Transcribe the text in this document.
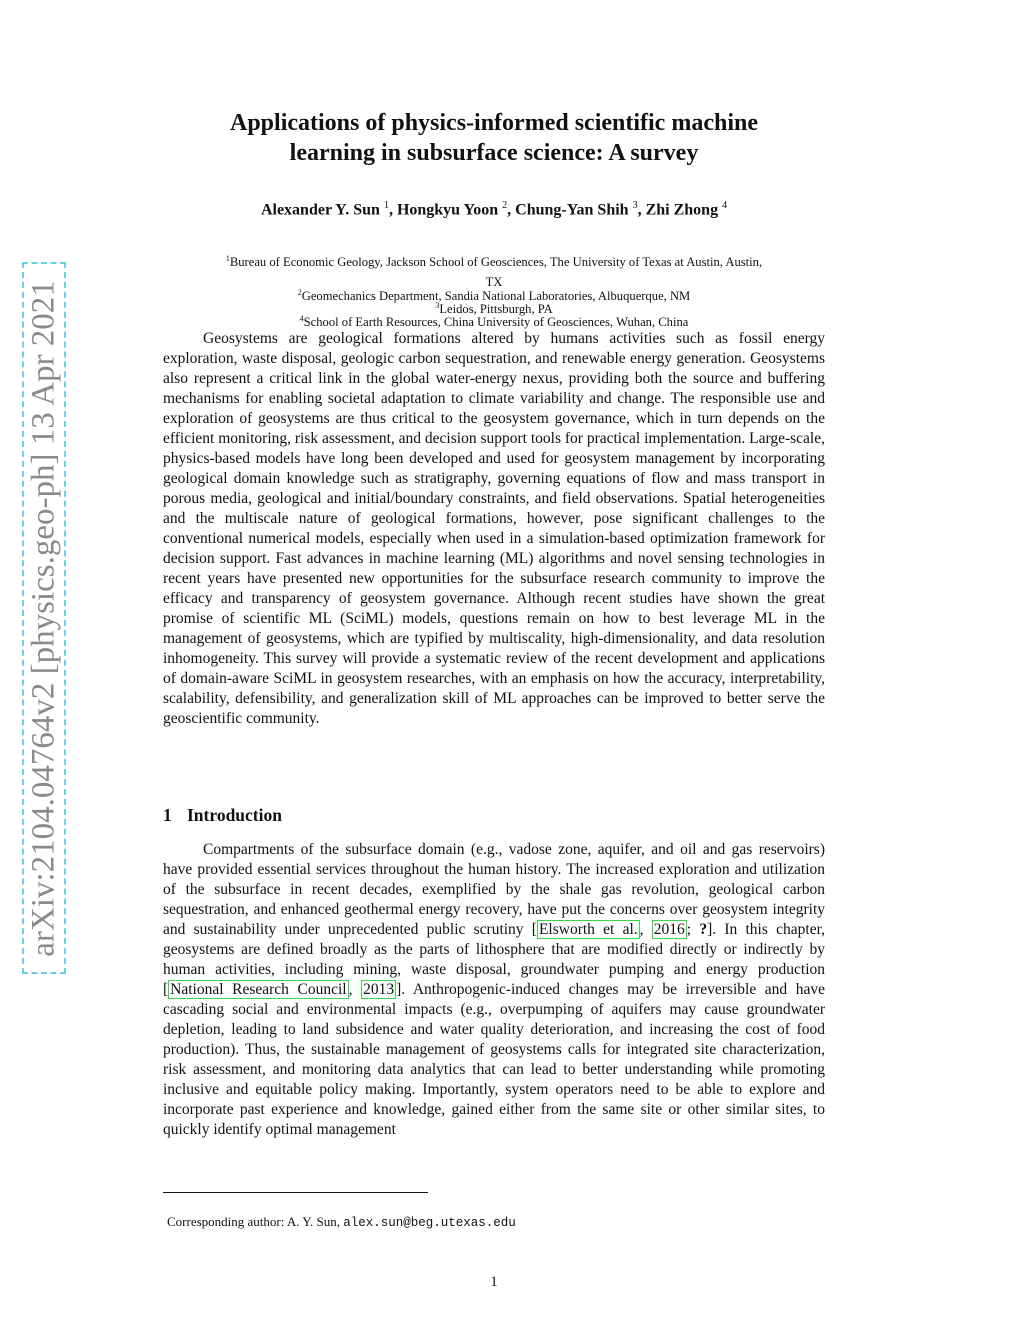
arXiv:2104.04764v2 [physics.geo-ph] 13 Apr 2021
Applications of physics-informed scientific machine
learning in subsurface science: A survey
Alexander Y. Sun $^1$, Hongkyu Yoon $^2$, Chung-Yan Shih $^3$, Zhi Zhong $^4$
$^1$Bureau of Economic Geology, Jackson School of Geosciences, The University of Texas at Austin, Austin,
TX
$^2$Geomechanics Department, Sandia National Laboratories, Albuquerque, NM
$^3$Leidos, Pittsburgh, PA
$^4$School of Earth Resources, China University of Geosciences, Wuhan, China
Geosystems are geological formations altered by humans activities such as fossil energy exploration, waste disposal, geologic carbon sequestration, and renewable energy generation. Geosystems also represent a critical link in the global water-energy nexus, providing both the source and buffering mechanisms for enabling societal adaptation to climate variability and change. The responsible use and exploration of geosystems are thus critical to the geosystem governance, which in turn depends on the efficient monitoring, risk assessment, and decision support tools for practical implementation. Large-scale, physics-based models have long been developed and used for geosystem management by incorporating geological domain knowledge such as stratigraphy, governing equations of flow and mass transport in porous media, geological and initial/boundary constraints, and field observations. Spatial heterogeneities and the multiscale nature of geological formations, however, pose significant challenges to the conventional numerical models, especially when used in a simulation-based optimization framework for decision support. Fast advances in machine learning (ML) algorithms and novel sensing technologies in recent years have presented new opportunities for the subsurface research community to improve the efficacy and transparency of geosystem governance. Although recent studies have shown the great promise of scientific ML (SciML) models, questions remain on how to best leverage ML in the management of geosystems, which are typified by multiscality, high-dimensionality, and data resolution inhomogeneity. This survey will provide a systematic review of the recent development and applications of domain-aware SciML in geosystem researches, with an emphasis on how the accuracy, interpretability, scalability, defensibility, and generalization skill of ML approaches can be improved to better serve the geoscientific community.
1 Introduction
Compartments of the subsurface domain (e.g., vadose zone, aquifer, and oil and gas reservoirs) have provided essential services throughout the human history. The increased exploration and utilization of the subsurface in recent decades, exemplified by the shale gas revolution, geological carbon sequestration, and enhanced geothermal energy recovery, have put the concerns over geosystem integrity and sustainability under unprecedented public scrutiny [ Elsworth et al. , 2016 ; ?]. In this chapter, geosystems are defined broadly as the parts of lithosphere that are modified directly or indirectly by human activities, including mining, waste disposal, groundwater pumping and energy production [ National Research Council , 2013 ]. Anthropogenic-induced changes may be irreversible and have cascading social and environmental impacts (e.g., overpumping of aquifers may cause groundwater depletion, leading to land subsidence and water quality deterioration, and increasing the cost of food production). Thus, the sustainable management of geosystems calls for integrated site characterization, risk assessment, and monitoring data analytics that can lead to better understanding while promoting inclusive and equitable policy making. Importantly, system operators need to be able to explore and incorporate past experience and knowledge, gained either from the same site or other similar sites, to quickly identify optimal management
Corresponding author: A. Y. Sun, alex.sun@beg.utexas.edu
1
